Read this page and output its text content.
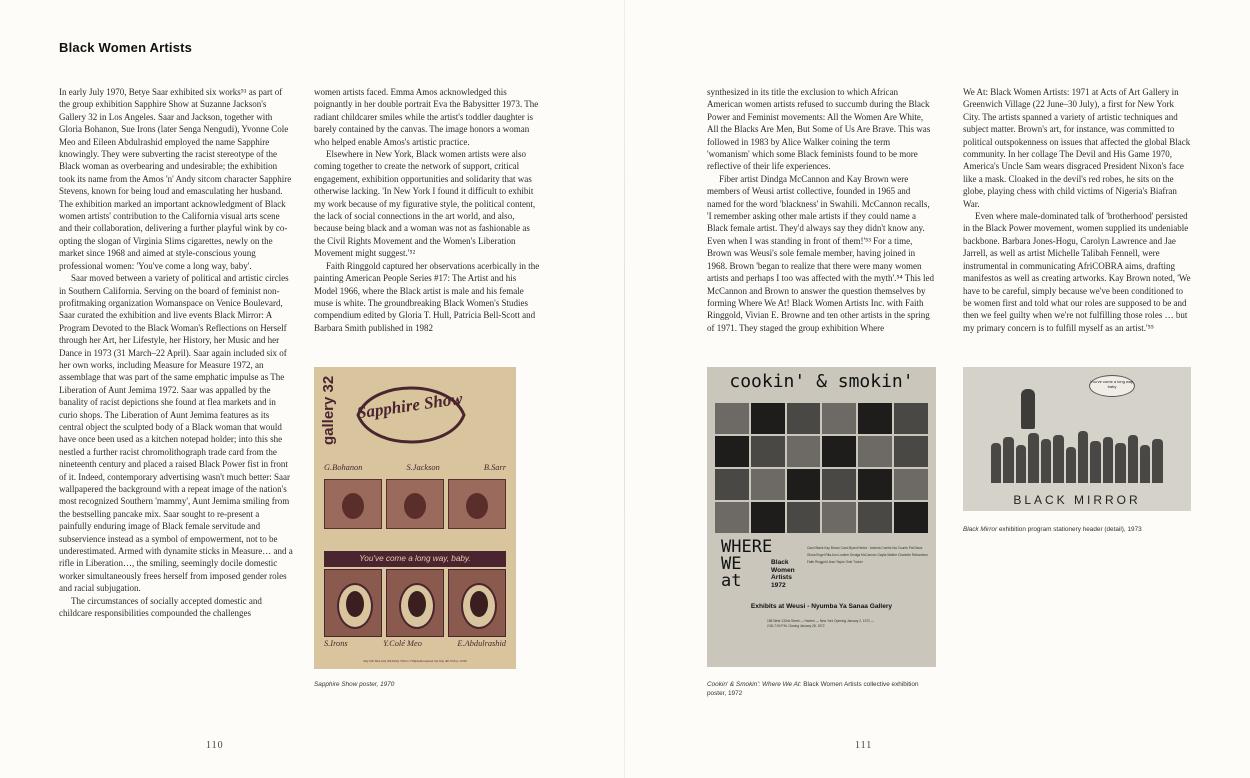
Black Women Artists

In early July 1970, Betye Saar exhibited six works⁵¹ as part of the group exhibition Sapphire Show at Suzanne Jackson's Gallery 32 in Los Angeles. Saar and Jackson, together with Gloria Bohanon, Sue Irons (later Senga Nengudi), Yvonne Cole Meo and Eileen Abdulrashid employed the name Sapphire knowingly. They were subverting the racist stereotype of the Black woman as overbearing and undesirable; the exhibition took its name from the Amos 'n' Andy sitcom character Sapphire Stevens, known for being loud and emasculating her husband. The exhibition marked an important acknowledgment of Black women artists' contribution to the California visual arts scene and their collaboration, delivering a further playful wink by co-opting the slogan of Virginia Slims cigarettes, newly on the market since 1968 and aimed at style-conscious young professional women: 'You've come a long way, baby'.

Saar moved between a variety of political and artistic circles in Southern California. Serving on the board of feminist non-profitmaking organization Womanspace on Venice Boulevard, Saar curated the exhibition and live events Black Mirror: A Program Devoted to the Black Woman's Reflections on Herself through her Art, her Lifestyle, her History, her Music and her Dance in 1973 (31 March–22 April). Saar again included six of her own works, including Measure for Measure 1972, an assemblage that was part of the same emphatic impulse as The Liberation of Aunt Jemima 1972. Saar was appalled by the banality of racist depictions she found at flea markets and in curio shops. The Liberation of Aunt Jemima features as its central object the sculpted body of a Black woman that would have once been used as a kitchen notepad holder; into this she nestled a further racist chromolithograph trade card from the nineteenth century and placed a raised Black Power fist in front of it. Indeed, contemporary advertising wasn't much better: Saar wallpapered the background with a repeat image of the nation's most recognized Southern 'mammy', Aunt Jemima smiling from the bestselling pancake mix. Saar sought to re-present a painfully enduring image of Black female servitude and subservience instead as a symbol of empowerment, not to be underestimated. Armed with dynamite sticks in Measure… and a rifle in Liberation…, the smiling, seemingly docile domestic worker simultaneously frees herself from imposed gender roles and racial subjugation.

The circumstances of socially accepted domestic and childcare responsibilities compounded the challenges

women artists faced. Emma Amos acknowledged this poignantly in her double portrait Eva the Babysitter 1973. The radiant childcarer smiles while the artist's toddler daughter is barely contained by the canvas. The image honors a woman who helped enable Amos's artistic practice.

Elsewhere in New York, Black women artists were also coming together to create the network of support, critical engagement, exhibition opportunities and solidarity that was otherwise lacking. 'In New York I found it difficult to exhibit my work because of my figurative style, the political content, the lack of social connections in the art world, and also, because being black and a woman was not as fashionable as the Civil Rights Movement and the Women's Liberation Movement might suggest.'⁵²

Faith Ringgold captured her observations acerbically in the painting American People Series #17: The Artist and his Model 1966, where the Black artist is male and his female muse is white. The groundbreaking Black Women's Studies compendium edited by Gloria T. Hull, Patricia Bell-Scott and Barbara Smith published in 1982

gallery 32 Sapphire Show
G.Bohanon	S.Jackson	B.Sarr
You've come a long way, baby.
S.Irons	Y.Colé Meo	E.Abdulrashid
July 6th Thru July 8th Daily 3:00 to 7:00pm Reception Sat July 4th 3:00 to 10:00
Sapphire Show poster, 1970
110

synthesized in its title the exclusion to which African American women artists refused to succumb during the Black Power and Feminist movements: All the Women Are White, All the Blacks Are Men, But Some of Us Are Brave. This was followed in 1983 by Alice Walker coining the term 'womanism' which some Black feminists found to be more reflective of their life experiences.

Fiber artist Dindga McCannon and Kay Brown were members of Weusi artist collective, founded in 1965 and named for the word 'blackness' in Swahili. McCannon recalls, 'I remember asking other male artists if they could name a Black female artist. They'd always say they didn't know any. Even when I was standing in front of them!'⁵³ For a time, Brown was Weusi's sole female member, having joined in 1968. Brown 'began to realize that there were many women artists and perhaps I too was affected with the myth'.⁵⁴ This led McCannon and Brown to answer the question themselves by forming Where We At! Black Women Artists Inc. with Faith Ringgold, Vivian E. Browne and ten other artists in the spring of 1971. They staged the group exhibition Where

We At: Black Women Artists: 1971 at Acts of Art Gallery in Greenwich Village (22 June–30 July), a first for New York City. The artists spanned a variety of artistic techniques and subject matter. Brown's art, for instance, was committed to political outspokenness on issues that affected the global Black community. In her collage The Devil and His Game 1970, America's Uncle Sam wears disgraced President Nixon's face like a mask. Cloaked in the devil's red robes, he sits on the globe, playing chess with child victims of Nigeria's Biafran War.

Even where male-dominated talk of 'brotherhood' persisted in the Black Power movement, women supplied its undeniable backbone. Barbara Jones-Hogu, Carolyn Lawrence and Jae Jarrell, as well as artist Michelle Talibah Fennell, were instrumental in communicating AfriCOBRA aims, drafting manifestos as well as creating artworks. Kay Brown noted, 'We have to be careful, simply because we've been conditioned to be women first and told what our roles are supposed to be and then we feel guilty when we're not fulfilling those roles … but my primary concern is to fulfill myself as an artist.'⁵⁵

cookin' & smokin'
WHERE
WE
at
Black Women Artists 1972
Carol Blank Kay Brown Carol Byard Nedra · Antonia Combs Ida Counts Pat Davis Gloria Engel Rita Ann Lumber Dindga McCannon Gaylia Walker Charlotte Richardson Faith Ringgold Jean Taylor Onie Tucker
Exhibits at Weusi - Nyumba Ya Sanaa Gallery
158 West 132nd Street — Harlem — New York Opening January 2, 1972 — 2:00-7:00 P.M. Closing January 28, 1972
Cookin' & Smokin': Where We At: Black Women Artists collective exhibition poster, 1972
You've come a long way, baby
BLACK MIRROR
Black Mirror exhibition program stationery header (detail), 1973
111
